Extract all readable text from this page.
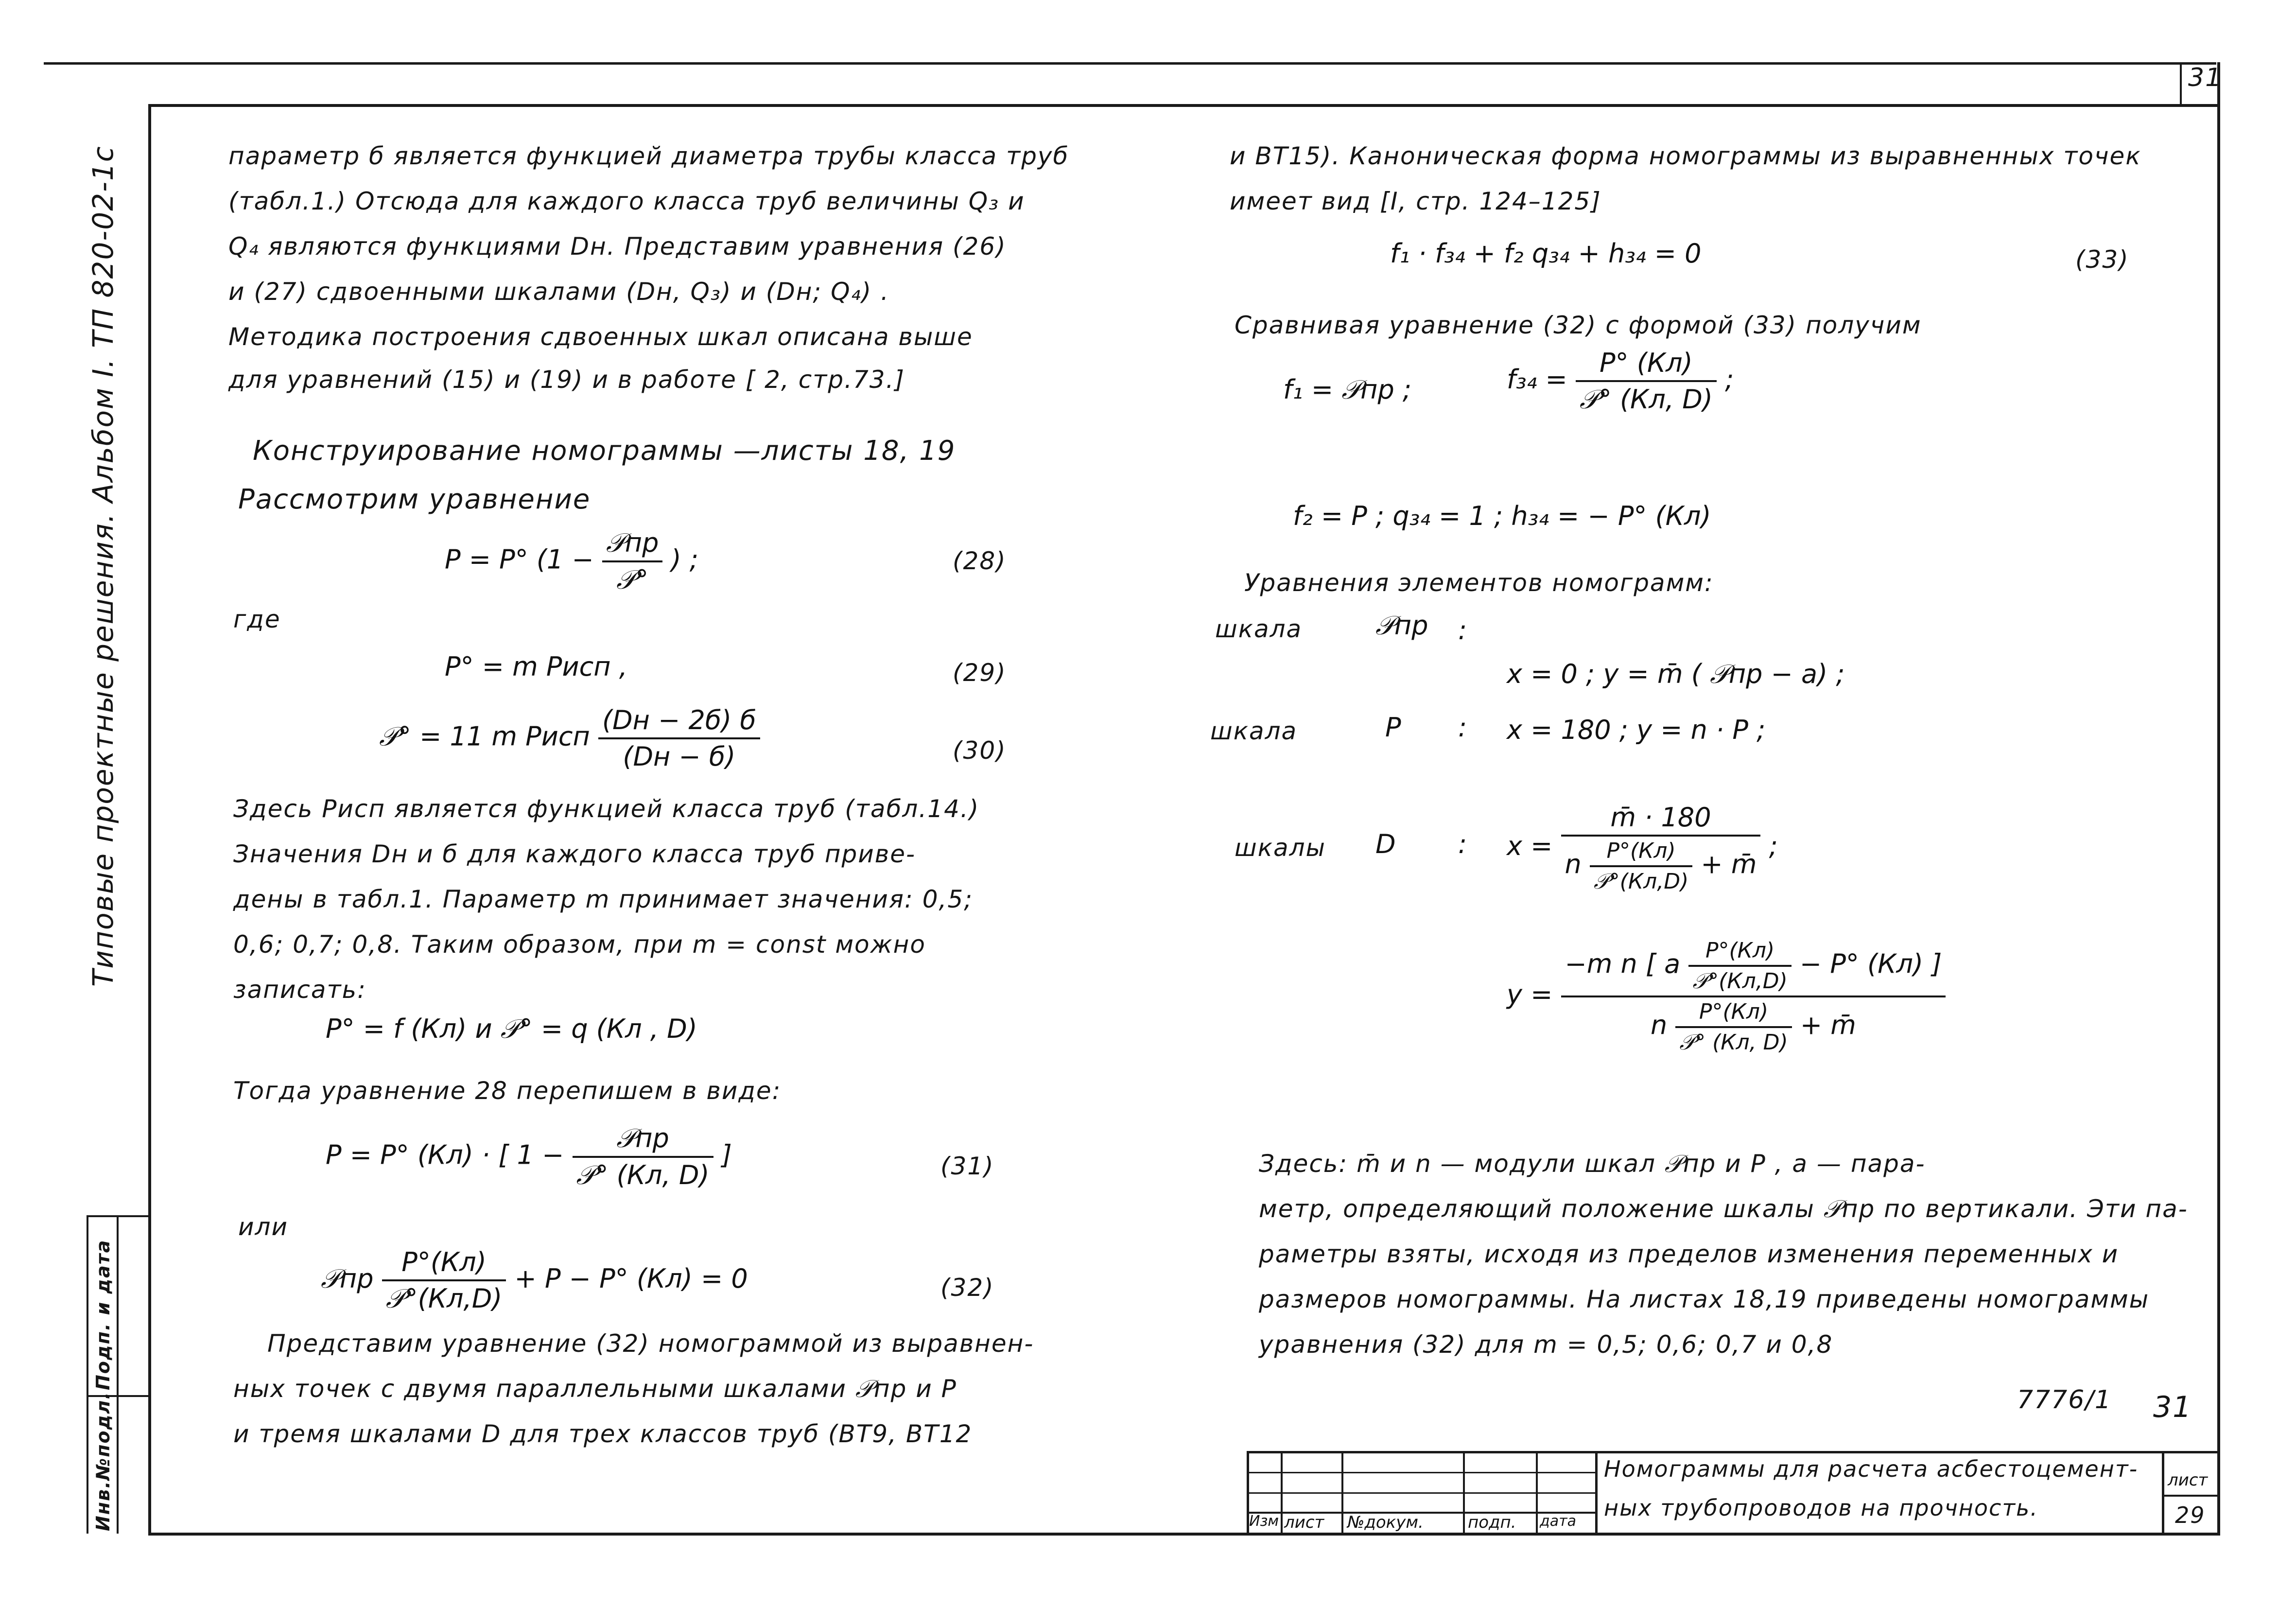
31
Типовые проектные решения. Альбом I. ТП 820-02-1с
Подп. и дата
Инв.№подл.
параметр б является функцией диаметра трубы класса труб
(табл.1.) Отсюда для каждого класса труб величины Q₃ и
Q₄ являются функциями Dн. Представим уравнения (26)
и (27) сдвоенными шкалами (Dн, Q₃) и (Dн; Q₄) .
Методика построения сдвоенных шкал описана выше
для уравнений (15) и (19) и в работе [ 2, стр.73.]
Конструирование номограммы —листы 18, 19
Рассмотрим уравнение
P = P° ($1 - \frac{\text{𝒫пр}}{\text{𝒫°}}$ ) ;	(28)
где
P° = m Pисп ,	(29)
𝒫° = 11 m Pисп $\frac{(Dн - 2б) б}{(Dн - б)}$	(30)
Здесь Pисп является функцией класса труб (табл.14.)
Значения Dн и б для каждого класса труб приве-
дены в табл.1. Параметр m принимает значения: 0,5;
0,6; 0,7; 0,8. Таким образом, при m = const можно
записать:
P° = f (Кл) и 𝒫° = q (Кл , D)
Тогда уравнение 28 перепишем в виде:
P = P° (Кл) · [ $1 - \frac{\text{𝒫пр}}{\text{𝒫° (Кл, D)}}$ ]	(31)
или
𝒫пр $\frac{P^\circ(Кл)}{\text{𝒫°(Кл,D)}} + P - P^\circ$ (Кл) = 0	(32)
Представим уравнение (32) номограммой из выравнен-
ных точек с двумя параллельными шкалами 𝒫пр и P
и тремя шкалами D для трех классов труб (ВТ9, ВТ12
и ВТ15). Каноническая форма номограммы из выравненных точек
имеет вид [I, стр. 124–125]
f₁ · f₃₄ + f₂ q₃₄ + h₃₄ = 0	(33)
Сравнивая уравнение (32) с формой (33) получим
f₁ = 𝒫пр ;	$f_{34} = \frac{P^\circ (Кл)}{\text{𝒫° (Кл, D)}}$ ;
f₂ = P ; q₃₄ = 1 ; h₃₄ = − P° (Кл)
Уравнения элементов номограмм:
шкала	𝒫пр :
x = 0 ; y = m̄ ( 𝒫пр − a) ;
шкала	P : x = 180 ; y = n · P ;
шкалы D : $x = \frac{m̄ \cdot 180}{n \frac{P^\circ(Кл)}{\text{𝒫°(Кл,D)}} + m̄}$ ;
$y = \frac{-m n [ a \frac{P^\circ(Кл)}{\text{𝒫°(Кл,D)}} - P^\circ (Кл) ]}{n \frac{P^\circ(Кл)}{\text{𝒫° (Кл, D)}} + m̄}$
Здесь: m̄ и n — модули шкал 𝒫пр и P , a — пара-
метр, определяющий положение шкалы 𝒫пр по вертикали. Эти па-
раметры взяты, исходя из пределов изменения переменных и
размеров номограммы. На листах 18,19 приведены номограммы
уравнения (32) для m = 0,5; 0,6; 0,7 и 0,8
7776/1 31
Изм лист №докум.	подп. дата
Номограммы для расчета асбестоцемент-
ных трубопроводов на прочность.
лист
29
